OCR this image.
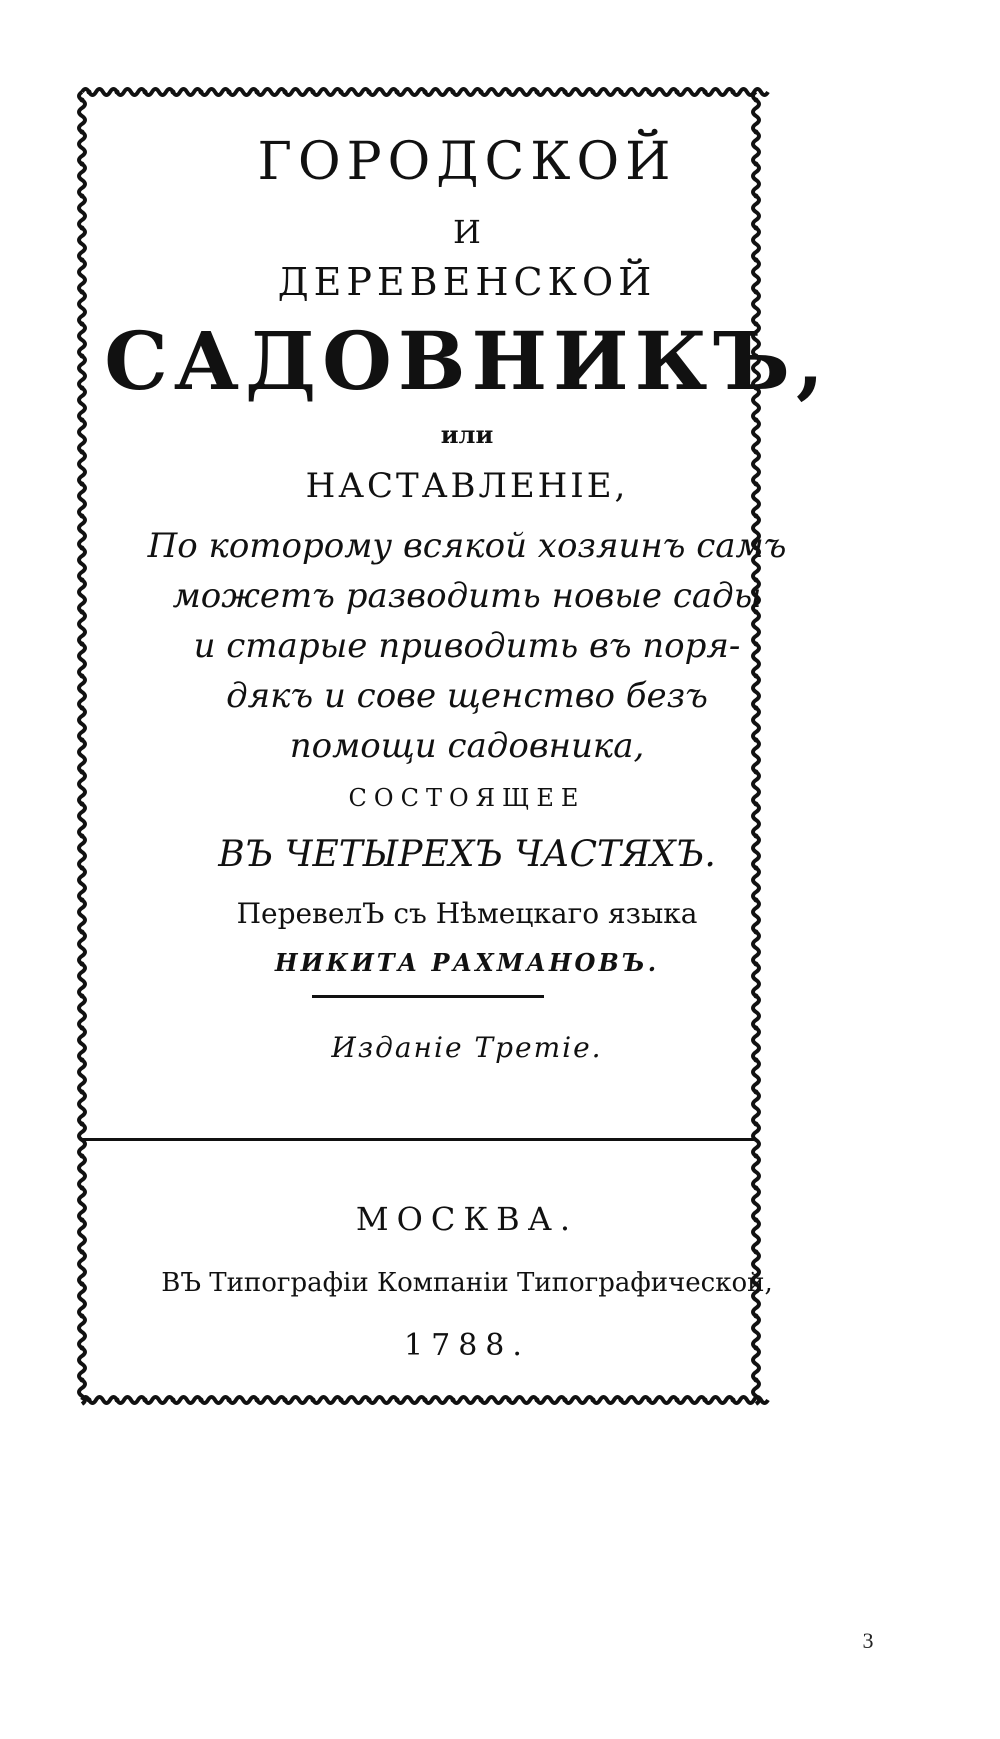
ГОРОДСКОЙ

И

ДЕРЕВЕНСКОЙ

САДОВНИКЪ,

или

НАСТАВЛЕНІЕ,

По которому всякой хозяинъ самъ

можетъ разводить новые сады

и старые приводить въ поря-

дякъ и сове щенство безъ

помощи садовника,

СОСТОЯЩЕЕ

ВЪ ЧЕТЫРЕХЪ ЧАСТЯХЪ.

ПеревелЪ съ Нѣмецкаго языка

НИКИТА РАХМАНОВЪ.

Изданіе Третіе.

МОСКВА.

ВЪ Типографіи Компаніи Типографической,

1788.

3
